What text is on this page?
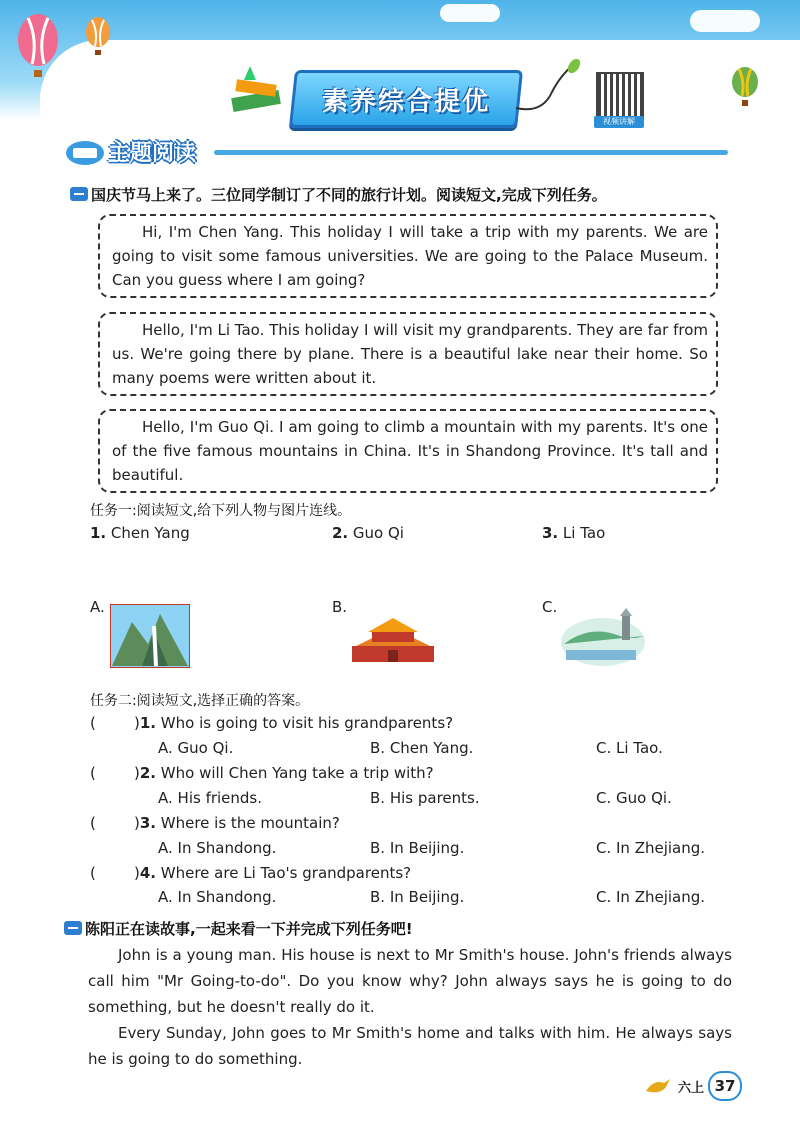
素养综合提优
视频讲解
主题阅读
国庆节马上来了。三位同学制订了不同的旅行计划。阅读短文,完成下列任务。

Hi, I'm Chen Yang. This holiday I will take a trip with my parents. We are going to visit some famous universities. We are going to the Palace Museum. Can you guess where I am going?

Hello, I'm Li Tao. This holiday I will visit my grandparents. They are far from us. We're going there by plane. There is a beautiful lake near their home. So many poems were written about it.

Hello, I'm Guo Qi. I am going to climb a mountain with my parents. It's one of the five famous mountains in China. It's in Shandong Province. It's tall and beautiful.

任务一:阅读短文,给下列人物与图片连线。
1. Chen Yang	2. Guo Qi	3. Li Tao
A.	B.	C.
任务二:阅读短文,选择正确的答案。
(	)1. Who is going to visit his grandparents?
A. Guo Qi.	B. Chen Yang.	C. Li Tao.
(	)2. Who will Chen Yang take a trip with?
A. His friends.	B. His parents.	C. Guo Qi.
(	)3. Where is the mountain?
A. In Shandong.	B. In Beijing.	C. In Zhejiang.
(	)4. Where are Li Tao's grandparents?
A. In Shandong.	B. In Beijing.	C. In Zhejiang.
陈阳正在读故事,一起来看一下并完成下列任务吧!

John is a young man. His house is next to Mr Smith's house. John's friends always call him "Mr Going-to-do". Do you know why? John always says he is going to do something, but he doesn't really do it.

Every Sunday, John goes to Mr Smith's home and talks with him. He always says he is going to do something.

六上 37
